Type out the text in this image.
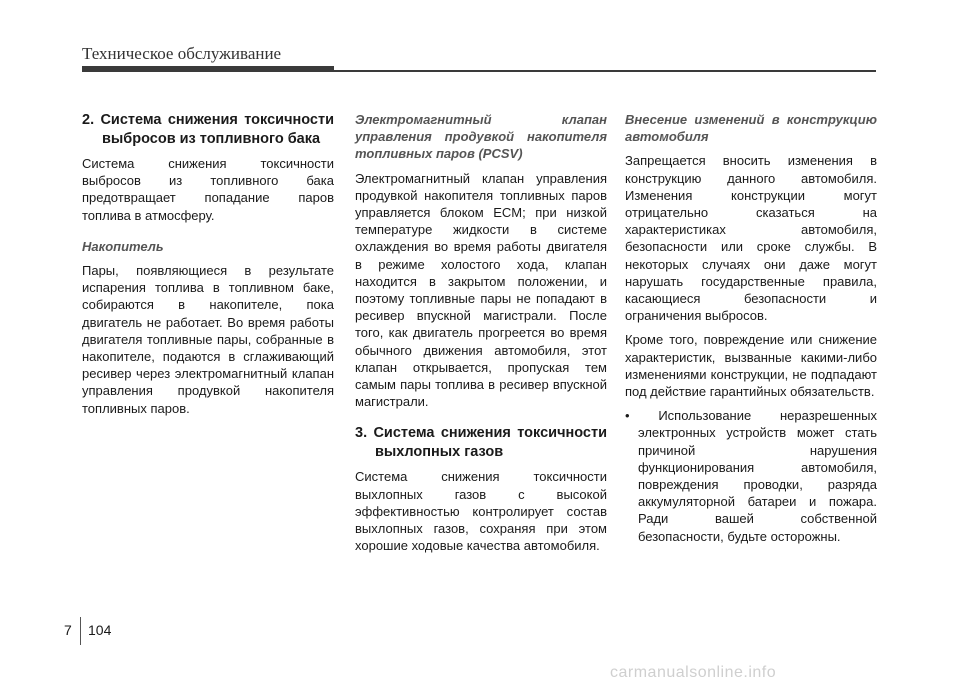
Техническое обслуживание

2. Система снижения токсичности выбросов из топливного бака

Система снижения токсичности выбросов из топливного бака предотвращает попадание паров топлива в атмосферу.

Накопитель

Пары, появляющиеся в результате испарения топлива в топливном баке, собираются в накопителе, пока двигатель не работает. Во время работы двигателя топливные пары, собранные в накопителе, подаются в сглаживающий ресивер через электромагнитный клапан управления продувкой накопителя топливных паров.

Электромагнитный клапан управления продувкой накопителя топливных паров (PCSV)

Электромагнитный клапан управления продувкой накопителя топливных паров управляется блоком ECM; при низкой температуре жидкости в системе охлаждения во время работы двигателя в режиме холостого хода, клапан находится в закрытом положении, и поэтому топливные пары не попадают в ресивер впускной магистрали. После того, как двигатель прогреется во время обычного движения автомобиля, этот клапан открывается, пропуская тем самым пары топлива в ресивер впускной магистрали.

3. Система снижения токсичности выхлопных газов

Система снижения токсичности выхлопных газов с высокой эффективностью контролирует состав выхлопных газов, сохраняя при этом хорошие ходовые качества автомобиля.

Внесение изменений в конструкцию автомобиля

Запрещается вносить изменения в конструкцию данного автомобиля. Изменения конструкции могут отрицательно сказаться на характеристиках автомобиля, безопасности или сроке службы. В некоторых случаях они даже могут нарушать государственные правила, касающиеся безопасности и ограничения выбросов.

Кроме того, повреждение или снижение характеристик, вызванные какими-либо изменениями конструкции, не подпадают под действие гарантийных обязательств.

• Использование неразрешенных электронных устройств может стать причиной нарушения функционирования автомобиля, повреждения проводки, разряда аккумуляторной батареи и пожара. Ради вашей собственной безопасности, будьте осторожны.

7 104
carmanualsonline.info
